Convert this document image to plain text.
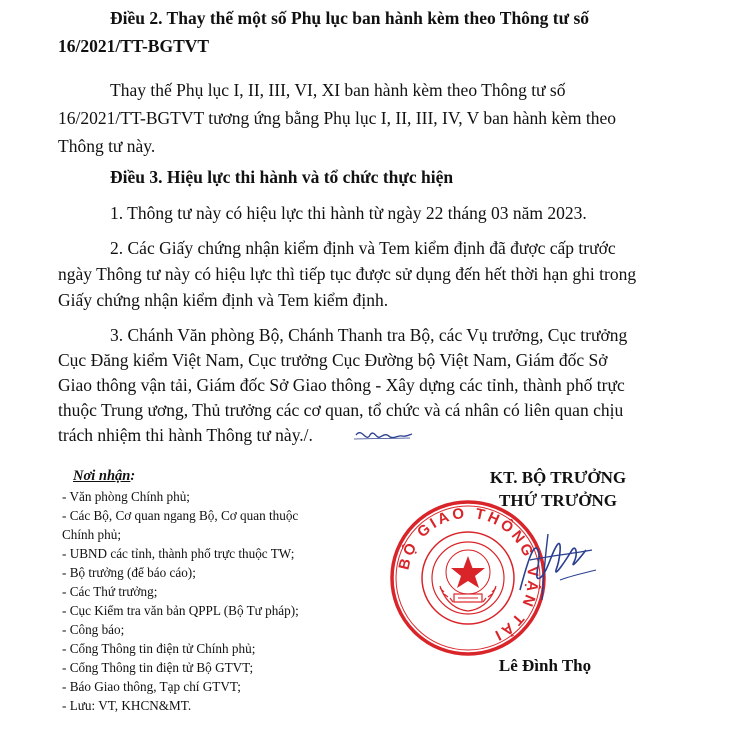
Điều 2. Thay thế một số Phụ lục ban hành kèm theo Thông tư số
16/2021/TT-BGTVT
Thay thế Phụ lục I, II, III, VI, XI ban hành kèm theo Thông tư số
16/2021/TT-BGTVT tương ứng bằng Phụ lục I, II, III, IV, V ban hành kèm theo
Thông tư này.
Điều 3. Hiệu lực thi hành và tổ chức thực hiện
1. Thông tư này có hiệu lực thi hành từ ngày 22 tháng 03 năm 2023.
2. Các Giấy chứng nhận kiểm định và Tem kiểm định đã được cấp trước
ngày Thông tư này có hiệu lực thì tiếp tục được sử dụng đến hết thời hạn ghi trong
Giấy chứng nhận kiểm định và Tem kiểm định.
3. Chánh Văn phòng Bộ, Chánh Thanh tra Bộ, các Vụ trưởng, Cục trưởng
Cục Đăng kiểm Việt Nam, Cục trưởng Cục Đường bộ Việt Nam, Giám đốc Sở
Giao thông vận tải, Giám đốc Sở Giao thông - Xây dựng các tỉnh, thành phố trực
thuộc Trung ương, Thủ trưởng các cơ quan, tổ chức và cá nhân có liên quan chịu
trách nhiệm thi hành Thông tư này./.
Nơi nhận:
- Văn phòng Chính phủ;
- Các Bộ, Cơ quan ngang Bộ, Cơ quan thuộc
Chính phủ;
- UBND các tỉnh, thành phố trực thuộc TW;
- Bộ trưởng (để báo cáo);
- Các Thứ trưởng;
- Cục Kiểm tra văn bản QPPL (Bộ Tư pháp);
- Công báo;
- Cổng Thông tin điện tử Chính phủ;
- Cổng Thông tin điện tử Bộ GTVT;
- Báo Giao thông, Tạp chí GTVT;
- Lưu: VT, KHCN&MT.
KT. BỘ TRƯỞNG
THỨ TRƯỞNG
BỘ GIAO THÔNG VẬN TẢI
Lê Đình Thọ
